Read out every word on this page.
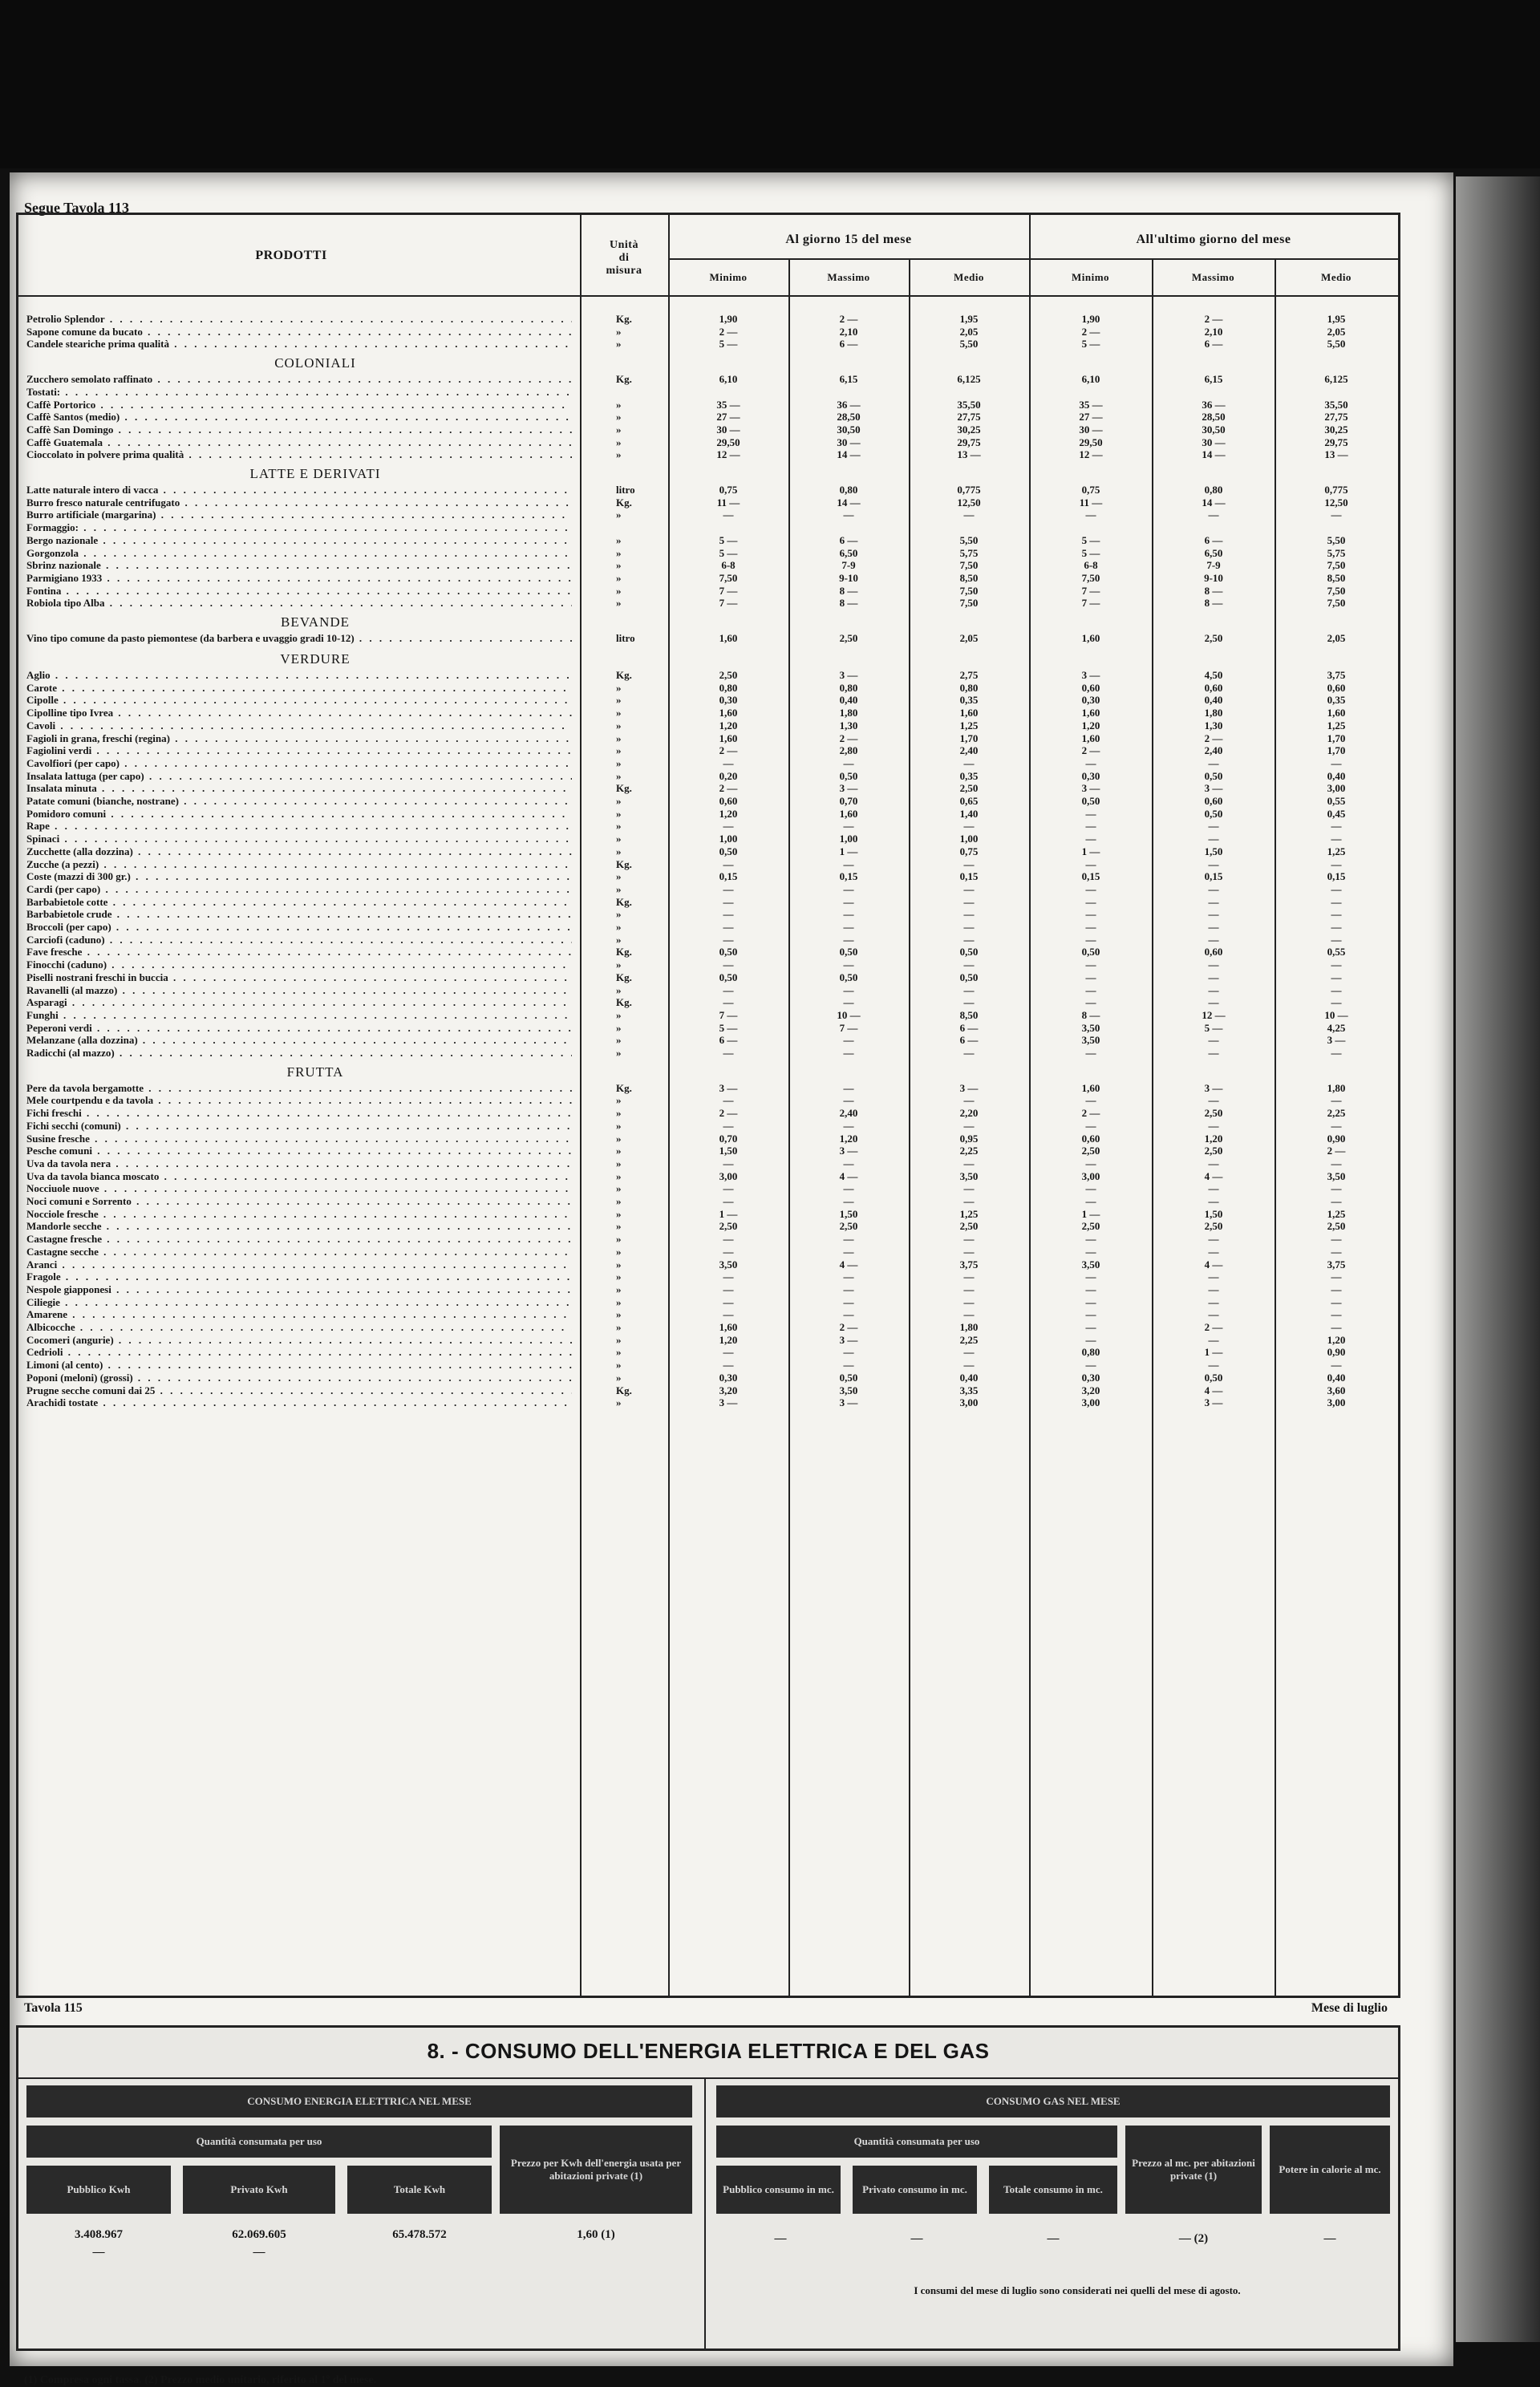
Segue Tavola 113
PRODOTTI
Unità
di
misura
Al giorno 15 del mese	All'ultimo giorno del mese
Minimo	Massimo	Medio	Minimo	Massimo	Medio
Petrolio Splendor . . .	Kg.	1,90	2 —	1,95	1,90	2 —	1,95
Sapone comune da bucato . . .	»	2 —	2,10	2,05	2 —	2,10	2,05
Candele steariche prima qualità . . .	»	5 —	6 —	5,50	5 —	6 —	5,50
COLONIALI
Zucchero semolato raffinato . . .	Kg.	6,10	6,15	6,125	6,10	6,15	6,125
Tostati: . . .
Caffè Portorico . . .	»	35 —	36 —	35,50	35 —	36 —	35,50
Caffè Santos (medio) . . .	»	27 —	28,50	27,75	27 —	28,50	27,75
Caffè San Domingo . . .	»	30 —	30,50	30,25	30 —	30,50	30,25
Caffè Guatemala . . .	»	29,50	30 —	29,75	29,50	30 —	29,75
Cioccolato in polvere prima qualità . . .	»	12 —	14 —	13 —	12 —	14 —	13 —
LATTE E DERIVATI
Latte naturale intero di vacca . . .	litro	0,75	0,80	0,775	0,75	0,80	0,775
Burro fresco naturale centrifugato . . .	Kg.	11 —	14 —	12,50	11 —	14 —	12,50
Burro artificiale (margarina) . . .	»	—	—	—	—	—	—
Formaggio: . . .
Bergo nazionale . . .	»	5 —	6 —	5,50	5 —	6 —	5,50
Gorgonzola . . .	»	5 —	6,50	5,75	5 —	6,50	5,75
Sbrinz nazionale . . .	»	6-8	7-9	7,50	6-8	7-9	7,50
Parmigiano 1933 . . .	»	7,50	9-10	8,50	7,50	9-10	8,50
Fontina . . .	»	7 —	8 —	7,50	7 —	8 —	7,50
Robiola tipo Alba . . .	»	7 —	8 —	7,50	7 —	8 —	7,50
BEVANDE
Vino tipo comune da pasto piemontese (da barbera e uvaggio gradi 10-12) . . .	litro	1,60	2,50	2,05	1,60	2,50	2,05
VERDURE
Aglio . . .	Kg.	2,50	3 —	2,75	3 —	4,50	3,75
Carote . . .	»	0,80	0,80	0,80	0,60	0,60	0,60
Cipolle . . .	»	0,30	0,40	0,35	0,30	0,40	0,35
Cipolline tipo Ivrea . . .	»	1,60	1,80	1,60	1,60	1,80	1,60
Cavoli . . .	»	1,20	1,30	1,25	1,20	1,30	1,25
Fagioli in grana, freschi (regina) . . .	»	1,60	2 —	1,70	1,60	2 —	1,70
Fagiolini verdi . . .	»	2 —	2,80	2,40	2 —	2,40	1,70
Cavolfiori (per capo) . . .	»	—	—	—	—	—	—
Insalata lattuga (per capo) . . .	»	0,20	0,50	0,35	0,30	0,50	0,40
Insalata minuta . . .	Kg.	2 —	3 —	2,50	3 —	3 —	3,00
Patate comuni (bianche, nostrane) . . .	»	0,60	0,70	0,65	0,50	0,60	0,55
Pomidoro comuni . . .	»	1,20	1,60	1,40	—	0,50	0,45
Rape . . .	»	—	—	—	—	—	—
Spinaci . . .	»	1,00	1,00	1,00	—	—	—
Zucchette (alla dozzina) . . .	»	0,50	1 —	0,75	1 —	1,50	1,25
Zucche (a pezzi) . . .	Kg.	—	—	—	—	—	—
Coste (mazzi di 300 gr.) . . .	»	0,15	0,15	0,15	0,15	0,15	0,15
Cardi (per capo) . . .	»	—	—	—	—	—	—
Barbabietole cotte . . .	Kg.	—	—	—	—	—	—
Barbabietole crude . . .	»	—	—	—	—	—	—
Broccoli (per capo) . . .	»	—	—	—	—	—	—
Carciofi (caduno) . . .	»	—	—	—	—	—	—
Fave fresche . . .	Kg.	0,50	0,50	0,50	0,50	0,60	0,55
Finocchi (caduno) . . .	»	—	—	—	—	—	—
Piselli nostrani freschi in buccia . . .	Kg.	0,50	0,50	0,50	—	—	—
Ravanelli (al mazzo) . . .	»	—	—	—	—	—	—
Asparagi . . .	Kg.	—	—	—	—	—	—
Funghi . . .	»	7 —	10 —	8,50	8 —	12 —	10 —
Peperoni verdi . . .	»	5 —	7 —	6 —	3,50	5 —	4,25
Melanzane (alla dozzina) . . .	»	6 —	—	6 —	3,50	—	3 —
Radicchi (al mazzo) . . .	»	—	—	—	—	—	—
FRUTTA
Pere da tavola bergamotte . . .	Kg.	3 —	—	3 —	1,60	3 —	1,80
Mele courtpendu e da tavola . . .	»	—	—	—	—	—	—
Fichi freschi . . .	»	2 —	2,40	2,20	2 —	2,50	2,25
Fichi secchi (comuni) . . .	»	—	—	—	—	—	—
Susine fresche . . .	»	0,70	1,20	0,95	0,60	1,20	0,90
Pesche comuni . . .	»	1,50	3 —	2,25	2,50	2,50	2 —
Uva da tavola nera . . .	»	—	—	—	—	—	—
Uva da tavola bianca moscato . . .	»	3,00	4 —	3,50	3,00	4 —	3,50
Nocciuole nuove . . .	»	—	—	—	—	—	—
Noci comuni e Sorrento . . .	»	—	—	—	—	—	—
Nocciole fresche . . .	»	1 —	1,50	1,25	1 —	1,50	1,25
Mandorle secche . . .	»	2,50	2,50	2,50	2,50	2,50	2,50
Castagne fresche . . .	»	—	—	—	—	—	—
Castagne secche . . .	»	—	—	—	—	—	—
Aranci . . .	»	3,50	4 —	3,75	3,50	4 —	3,75
Fragole . . .	»	—	—	—	—	—	—
Nespole giapponesi . . .	»	—	—	—	—	—	—
Ciliegie . . .	»	—	—	—	—	—	—
Amarene . . .	»	—	—	—	—	—	—
Albicocche . . .	»	1,60	2 —	1,80	—	2 —	—
Cocomeri (angurie) . . .	»	1,20	3 —	2,25	—	—	1,20
Cedrioli . . .	»	—	—	—	0,80	1 —	0,90
Limoni (al cento) . . .	»	—	—	—	—	—	—
Poponi (meloni) (grossi) . . .	»	0,30	0,50	0,40	0,30	0,50	0,40
Prugne secche comuni dai 25 . . .	Kg.	3,20	3,50	3,35	3,20	4 —	3,60
Arachidi tostate . . .	»	3 —	3 —	3,00	3,00	3 —	3,00
Tavola 115	Mese di luglio
8. - CONSUMO DELL'ENERGIA ELETTRICA E DEL GAS
CONSUMO ENERGIA ELETTRICA NEL MESE	CONSUMO GAS NEL MESE
Quantità consumata per uso
Prezzo per Kwh dell'energia usata per abitazioni private (1)
Pubblico Kwh	Privato Kwh	Totale Kwh
Quantità consumata per uso
Pubblico consumo in mc.	Privato consumo in mc.	Totale consumo in mc.
Prezzo al mc. per abitazioni private (1)
Potere in calorie al mc.
3.408.967	62.069.605	65.478.572	1,60 (1)
—	—
—	—	—	— (2)	—
I consumi del mese di luglio sono considerati nei quelli del mese di agosto.
(1) Compresa ogni tassa. (2) Prezzo medio unitario, riferito al 1º del mese.
